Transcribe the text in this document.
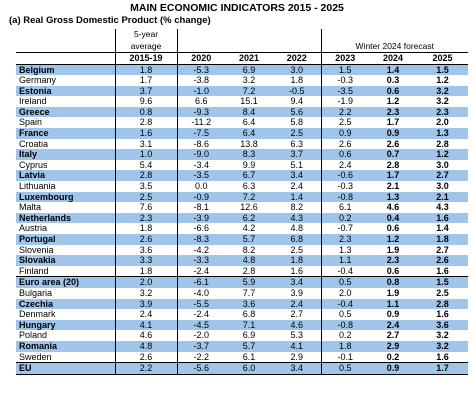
MAIN ECONOMIC INDICATORS 2015 - 2025
(a) Real Gross Domestic Product (% change)
	5-year						
	average				Winter 2024 forecast		
	2015-19	2020	2021	2022	2023	2024	2025
Belgium	1.8	-5.3	6.9	3.0	1.5	1.4	1.5
Germany	1.7	-3.8	3.2	1.8	-0.3	0.3	1.2
Estonia	3.7	-1.0	7.2	-0.5	-3.5	0.6	3.2
Ireland	9.6	6.6	15.1	9.4	-1.9	1.2	3.2
Greece	0.8	-9.3	8.4	5.6	2.2	2.3	2.3
Spain	2.8	-11.2	6.4	5.8	2.5	1.7	2.0
France	1.6	-7.5	6.4	2.5	0.9	0.9	1.3
Croatia	3.1	-8.6	13.8	6.3	2.6	2.6	2.8
Italy	1.0	-9.0	8.3	3.7	0.6	0.7	1.2
Cyprus	5.4	-3.4	9.9	5.1	2.4	2.8	3.0
Latvia	2.8	-3.5	6.7	3.4	-0.6	1.7	2.7
Lithuania	3.5	0.0	6.3	2.4	-0.3	2.1	3.0
Luxembourg	2.5	-0.9	7.2	1.4	-0.8	1.3	2.1
Malta	7.6	-8.1	12.6	8.2	6.1	4.6	4.3
Netherlands	2.3	-3.9	6.2	4.3	0.2	0.4	1.6
Austria	1.8	-6.6	4.2	4.8	-0.7	0.6	1.4
Portugal	2.6	-8.3	5.7	6.8	2.3	1.2	1.8
Slovenia	3.6	-4.2	8.2	2.5	1.3	1.9	2.7
Slovakia	3.3	-3.3	4.8	1.8	1.1	2.3	2.6
Finland	1.8	-2.4	2.8	1.6	-0.4	0.6	1.6
Euro area (20)	2.0	-6.1	5.9	3.4	0.5	0.8	1.5
Bulgaria	3.2	-4.0	7.7	3.9	2.0	1.9	2.5
Czechia	3.9	-5.5	3.6	2.4	-0.4	1.1	2.8
Denmark	2.4	-2.4	6.8	2.7	0.5	0.9	1.6
Hungary	4.1	-4.5	7.1	4.6	-0.8	2.4	3.6
Poland	4.6	-2.0	6.9	5.3	0.2	2.7	3.2
Romania	4.8	-3.7	5.7	4.1	1.8	2.9	3.2
Sweden	2.6	-2.2	6.1	2.9	-0.1	0.2	1.6
EU	2.2	-5.6	6.0	3.4	0.5	0.9	1.7
